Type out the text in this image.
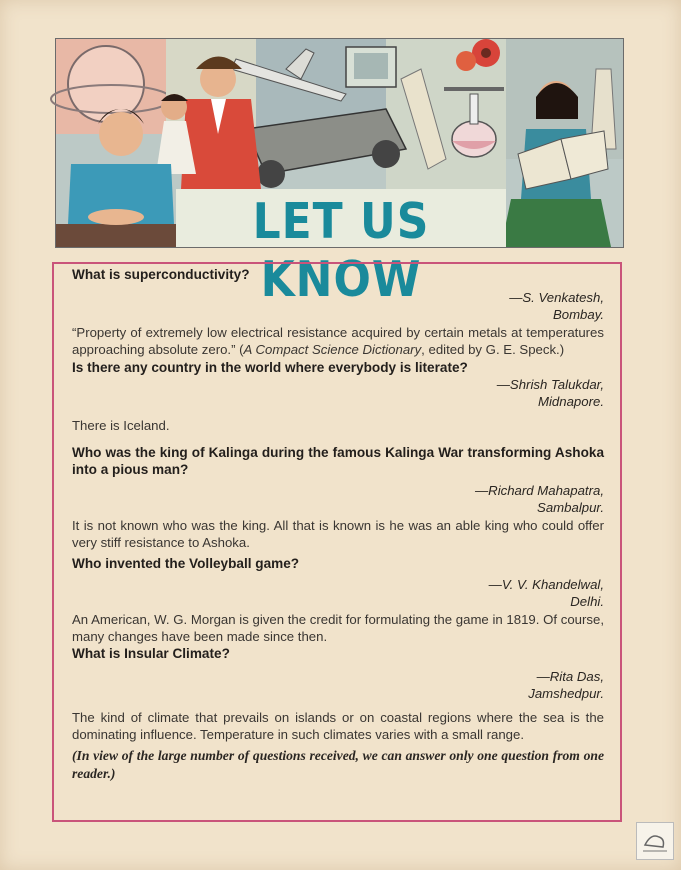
LET US KNOW

What is superconductivity?

—S. Venkatesh,

Bombay.

“Property of extremely low electrical resistance acquired by certain metals at temperatures approaching absolute zero.” (A Compact Science Dictionary, edited by G. E. Speck.)

Is there any country in the world where everybody is literate?

—Shrish Talukdar,

Midnapore.

There is Iceland.

Who was the king of Kalinga during the famous Kalinga War transforming Ashoka into a pious man?

—Richard Mahapatra,

Sambalpur.

It is not known who was the king. All that is known is he was an able king who could offer very stiff resistance to Ashoka.

Who invented the Volleyball game?

—V. V. Khandelwal,

Delhi.

An American, W. G. Morgan is given the credit for formulating the game in 1819. Of course, many changes have been made since then.

What is Insular Climate?

—Rita Das,

Jamshedpur.

The kind of climate that prevails on islands or on coastal regions where the sea is the dominating influence. Temperature in such climates varies with a small range.

(In view of the large number of questions received, we can answer only one question from one reader.)
